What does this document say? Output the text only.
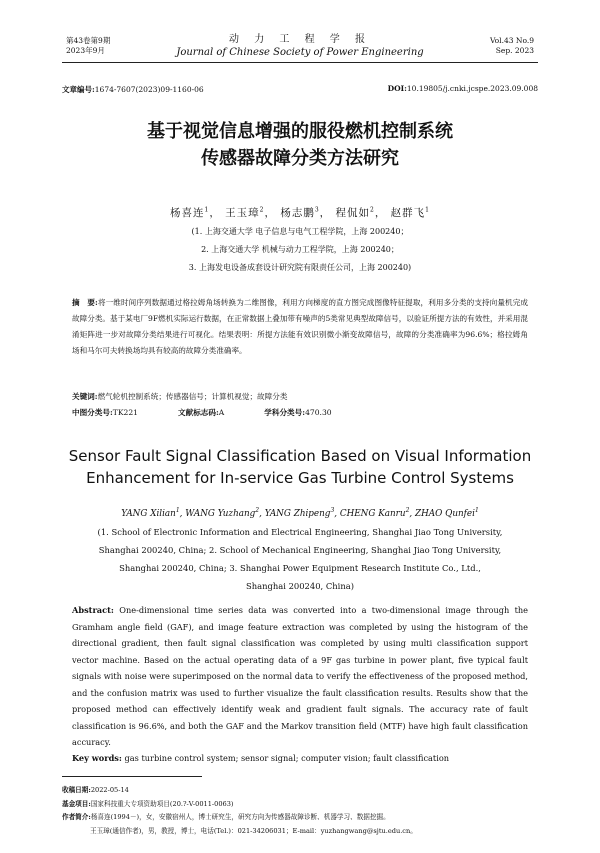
第43卷第9期
2023年9月
动 力 工 程 学 报
Journal of Chinese Society of Power Engineering
Vol.43 No.9
Sep. 2023
文章编号:1674-7607(2023)09-1160-06	DOI:10.19805/j.cnki.jcspe.2023.09.008
基于视觉信息增强的服役燃机控制系统
传感器故障分类方法研究
杨喜连$^1$， 王玉璋$^2$， 杨志鹏$^3$， 程侃如$^2$， 赵群飞$^1$
(1. 上海交通大学 电子信息与电气工程学院，上海 200240；
2. 上海交通大学 机械与动力工程学院，上海 200240；
3. 上海发电设备成套设计研究院有限责任公司，上海 200240)
摘　要:将一维时间序列数据通过格拉姆角场转换为二维图像，利用方向梯度的直方图完成图像特征提取，利用多分类的支持向量机完成故障分类。基于某电厂9F燃机实际运行数据，在正常数据上叠加带有噪声的5类常见典型故障信号，以验证所提方法的有效性，并采用混淆矩阵进一步对故障分类结果进行可视化。结果表明：所提方法能有效识别微小渐变故障信号，故障的分类准确率为96.6%；格拉姆角场和马尔可夫转换场均具有较高的故障分类准确率。
关键词:燃气轮机控制系统；传感器信号；计算机视觉；故障分类
中图分类号:TK221	文献标志码:A	学科分类号:470.30
Sensor Fault Signal Classification Based on Visual Information
Enhancement for In-service Gas Turbine Control Systems
YANG Xilian$^1$, WANG Yuzhang$^2$, YANG Zhipeng$^3$, CHENG Kanru$^2$, ZHAO Qunfei$^1$
(1. School of Electronic Information and Electrical Engineering, Shanghai Jiao Tong University,
Shanghai 200240, China; 2. School of Mechanical Engineering, Shanghai Jiao Tong University,
Shanghai 200240, China; 3. Shanghai Power Equipment Research Institute Co., Ltd.,
Shanghai 200240, China)
Abstract: One-dimensional time series data was converted into a two-dimensional image through the Gramham angle field (GAF), and image feature extraction was completed by using the histogram of the directional gradient, then fault signal classification was completed by using multi classification support vector machine. Based on the actual operating data of a 9F gas turbine in power plant, five typical fault signals with noise were superimposed on the normal data to verify the effectiveness of the proposed method, and the confusion matrix was used to further visualize the fault classification results. Results show that the proposed method can effectively identify weak and gradient fault signals. The accuracy rate of fault classification is 96.6%, and both the GAF and the Markov transition field (MTF) have high fault classification accuracy.
Key words: gas turbine control system; sensor signal; computer vision; fault classification
收稿日期:2022-05-14
基金项目:国家科技重大专项资助项目(20.?-V-0011-0063)
作者简介:杨喜连(1994－)，女，安徽宿州人，博士研究生，研究方向为传感器故障诊断、机器学习、数据挖掘。
王玉璋(通信作者)，男，教授，博士，电话(Tel.)：021-34206031；E-mail：yuzhangwang@sjtu.edu.cn。
